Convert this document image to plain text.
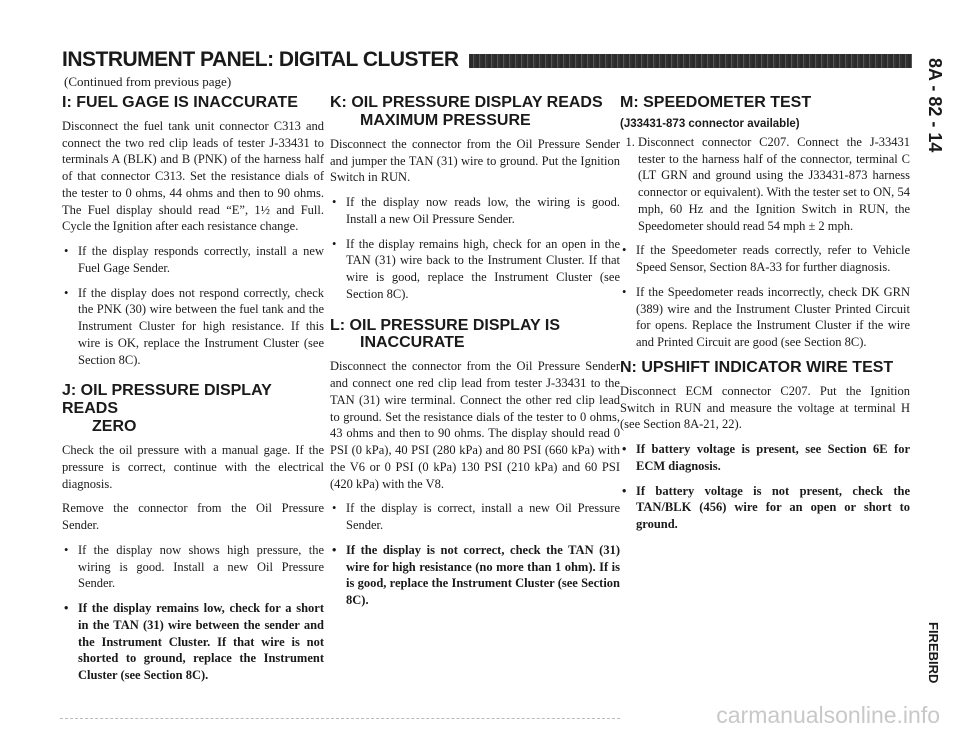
INSTRUMENT PANEL: DIGITAL CLUSTER
(Continued from previous page)
I: FUEL GAGE IS INACCURATE

Disconnect the fuel tank unit connector C313 and connect the two red clip leads of tester J-33431 to terminals A (BLK) and B (PNK) of the harness half of that connector C313. Set the resistance dials of the tester to 0 ohms, 44 ohms and then to 90 ohms. The Fuel display should read “E”, 1½ and Full. Cycle the Ignition after each resistance change.

• If the display responds correctly, install a new Fuel Gage Sender.
• If the display does not respond correctly, check the PNK (30) wire between the fuel tank and the Instrument Cluster for high resistance. If this wire is OK, replace the Instrument Cluster (see Section 8C).
J: OIL PRESSURE DISPLAY READS
ZERO

Check the oil pressure with a manual gage. If the pressure is correct, continue with the electrical diagnosis.

Remove the connector from the Oil Pressure Sender.

• If the display now shows high pressure, the wiring is good. Install a new Oil Pressure Sender.
• If the display remains low, check for a short in the TAN (31) wire between the sender and the Instrument Cluster. If that wire is not shorted to ground, replace the Instrument Cluster (see Section 8C).
K: OIL PRESSURE DISPLAY READS
MAXIMUM PRESSURE

Disconnect the connector from the Oil Pressure Sender and jumper the TAN (31) wire to ground. Put the Ignition Switch in RUN.

• If the display now reads low, the wiring is good. Install a new Oil Pressure Sender.
• If the display remains high, check for an open in the TAN (31) wire back to the Instrument Cluster. If that wire is good, replace the Instrument Cluster (see Section 8C).
L: OIL PRESSURE DISPLAY IS
INACCURATE

Disconnect the connector from the Oil Pressure Sender and connect one red clip lead from tester J-33431 to the TAN (31) wire terminal. Connect the other red clip lead to ground. Set the resistance dials of the tester to 0 ohms, 43 ohms and then to 90 ohms. The display should read 0 PSI (0 kPa), 40 PSI (280 kPa) and 80 PSI (660 kPa) with the V6 or 0 PSI (0 kPa) 130 PSI (210 kPa) and 60 PSI (420 kPa) with the V8.

• If the display is correct, install a new Oil Pressure Sender.
• If the display is not correct, check the TAN (31) wire for high resistance (no more than 1 ohm). If is is good, replace the Instrument Cluster (see Section 8C).
M: SPEEDOMETER TEST
(J33431-873 connector available)
1. Disconnect connector C207. Connect the J-33431 tester to the harness half of the connector, terminal C (LT GRN and ground using the J33431-873 harness connector or equivalent). With the tester set to ON, 54 mph, 60 Hz and the Ignition Switch in RUN, the Speedometer should read 54 mph ± 2 mph.
• If the Speedometer reads correctly, refer to Vehicle Speed Sensor, Section 8A-33 for further diagnosis.
• If the Speedometer reads incorrectly, check DK GRN (389) wire and the Instrument Cluster Printed Circuit for opens. Replace the Instrument Cluster if the wire and Printed Circuit are good (see Section 8C).
N: UPSHIFT INDICATOR WIRE TEST

Disconnect ECM connector C207. Put the Ignition Switch in RUN and measure the voltage at terminal H (see Section 8A-21, 22).

• If battery voltage is present, see Section 6E for ECM diagnosis.
• If battery voltage is not present, check the TAN/BLK (456) wire for an open or short to ground.
8A - 82 - 14
FIREBIRD
carmanualsonline.info
